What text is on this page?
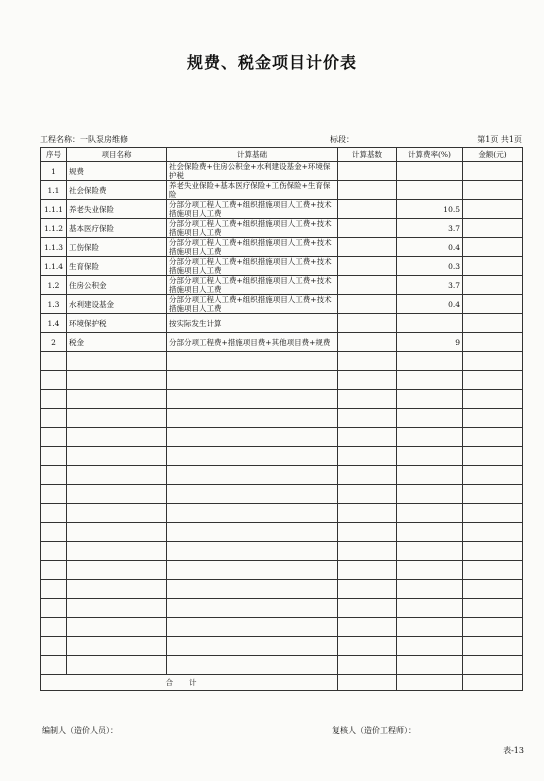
规费、税金项目计价表
工程名称：一队泵房维修	标段：	第1页 共1页
序号	项目名称	计算基础	计算基数	计算费率(%)	金额(元)
1	规费	社会保险费+住房公积金+水利建设基金+环境保护税			
1.1	社会保险费	养老失业保险+基本医疗保险+工伤保险+生育保险			
1.1.1	养老失业保险	分部分项工程人工费+组织措施项目人工费+技术措施项目人工费		10.5	
1.1.2	基本医疗保险	分部分项工程人工费+组织措施项目人工费+技术措施项目人工费		3.7	
1.1.3	工伤保险	分部分项工程人工费+组织措施项目人工费+技术措施项目人工费		0.4	
1.1.4	生育保险	分部分项工程人工费+组织措施项目人工费+技术措施项目人工费		0.3	
1.2	住房公积金	分部分项工程人工费+组织措施项目人工费+技术措施项目人工费		3.7	
1.3	水利建设基金	分部分项工程人工费+组织措施项目人工费+技术措施项目人工费		0.4	
1.4	环境保护税	按实际发生计算			
2	税金	分部分项工程费+措施项目费+其他项目费+规费		9	

合计					
编制人（造价人员）：	复核人（造价工程师）：
表-13
